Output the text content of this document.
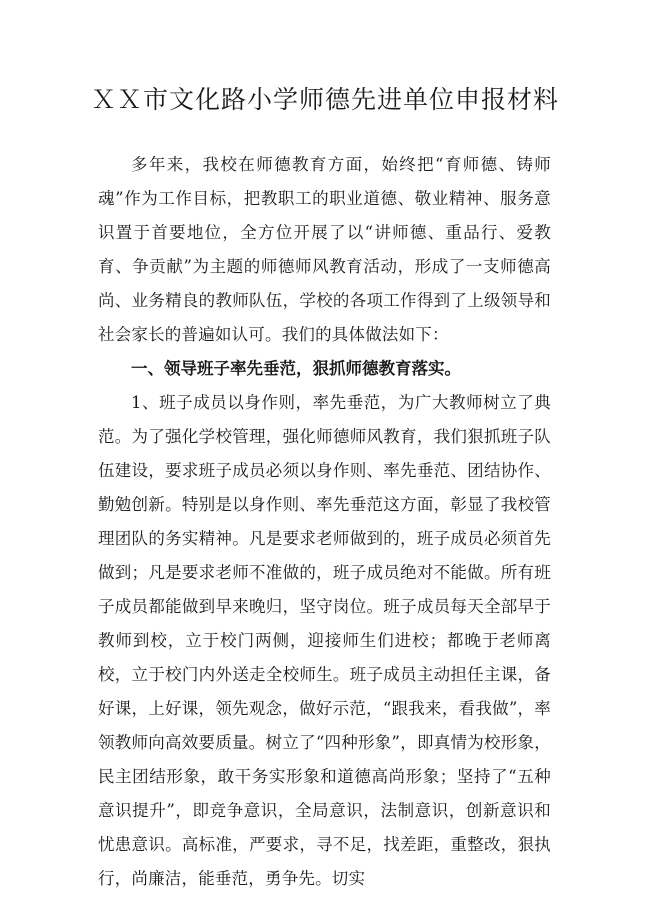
ＸＸ市文化路小学师德先进单位申报材料

多年来，我校在师德教育方面，始终把“育师德、铸师魂”作为工作目标，把教职工的职业道德、敬业精神、服务意识置于首要地位，全方位开展了以“讲师德、重品行、爱教育、争贡献”为主题的师德师风教育活动，形成了一支师德高尚、业务精良的教师队伍，学校的各项工作得到了上级领导和社会家长的普遍如认可。我们的具体做法如下：

一、领导班子率先垂范，狠抓师德教育落实。

1、班子成员以身作则，率先垂范，为广大教师树立了典范。为了强化学校管理，强化师德师风教育，我们狠抓班子队伍建设，要求班子成员必须以身作则、率先垂范、团结协作、勤勉创新。特别是以身作则、率先垂范这方面，彰显了我校管理团队的务实精神。凡是要求老师做到的，班子成员必须首先做到；凡是要求老师不准做的，班子成员绝对不能做。所有班子成员都能做到早来晚归，坚守岗位。班子成员每天全部早于教师到校，立于校门两侧，迎接师生们进校；都晚于老师离校，立于校门内外送走全校师生。班子成员主动担任主课，备好课，上好课，领先观念，做好示范，“跟我来，看我做”，率领教师向高效要质量。树立了“四种形象”，即真情为校形象，民主团结形象，敢干务实形象和道德高尚形象；坚持了“五种意识提升”，即竞争意识，全局意识，法制意识，创新意识和忧患意识。高标准，严要求，寻不足，找差距，重整改，狠执行，尚廉洁，能垂范，勇争先。切实
